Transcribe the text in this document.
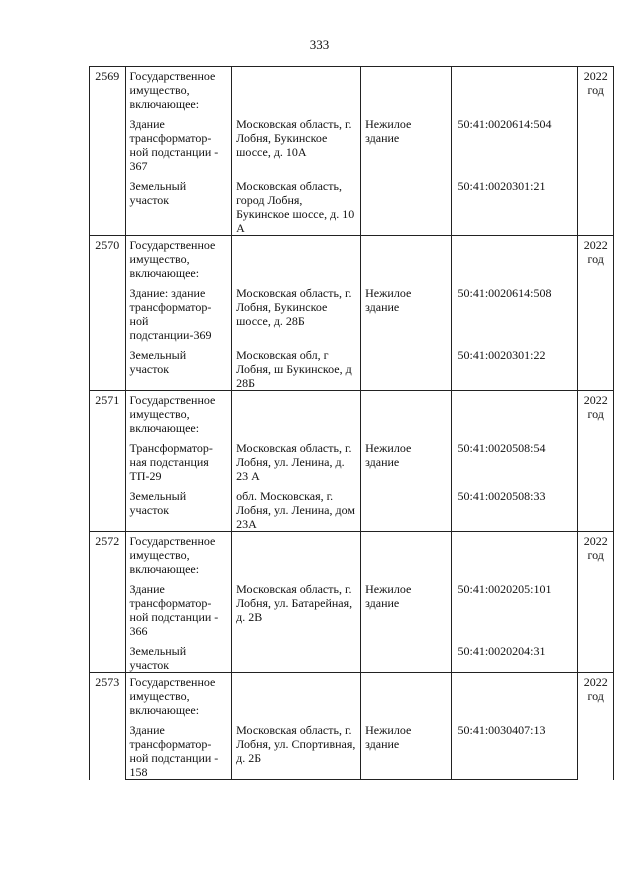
333
2569	Государственное имущество, включающее:				2022 год
	Здание трансформатор-ной подстанции - 367	Московская область, г. Лобня, Букинское шоссе, д. 10А	Нежилое здание	50:41:0020614:504	
	Земельный участок	Московская область, город Лобня, Букинское шоссе, д. 10 А		50:41:0020301:21	
2570	Государственное имущество, включающее:				2022 год
	Здание: здание трансформатор-ной подстанции-369	Московская область, г. Лобня, Букинское шоссе, д. 28Б	Нежилое здание	50:41:0020614:508	
	Земельный участок	Московская обл, г Лобня, ш Букинское, д 28Б		50:41:0020301:22	
2571	Государственное имущество, включающее:				2022 год
	Трансформатор-ная подстанция ТП-29	Московская область, г. Лобня, ул. Ленина, д. 23 А	Нежилое здание	50:41:0020508:54	
	Земельный участок	обл. Московская, г. Лобня, ул. Ленина, дом 23А		50:41:0020508:33	
2572	Государственное имущество, включающее:				2022 год
	Здание трансформатор-ной подстанции - 366	Московская область, г. Лобня, ул. Батарейная, д. 2В	Нежилое здание	50:41:0020205:101	
	Земельный участок			50:41:0020204:31	
2573	Государственное имущество, включающее:				2022 год
	Здание трансформатор-ной подстанции - 158	Московская область, г. Лобня, ул. Спортивная, д. 2Б	Нежилое здание	50:41:0030407:13	
